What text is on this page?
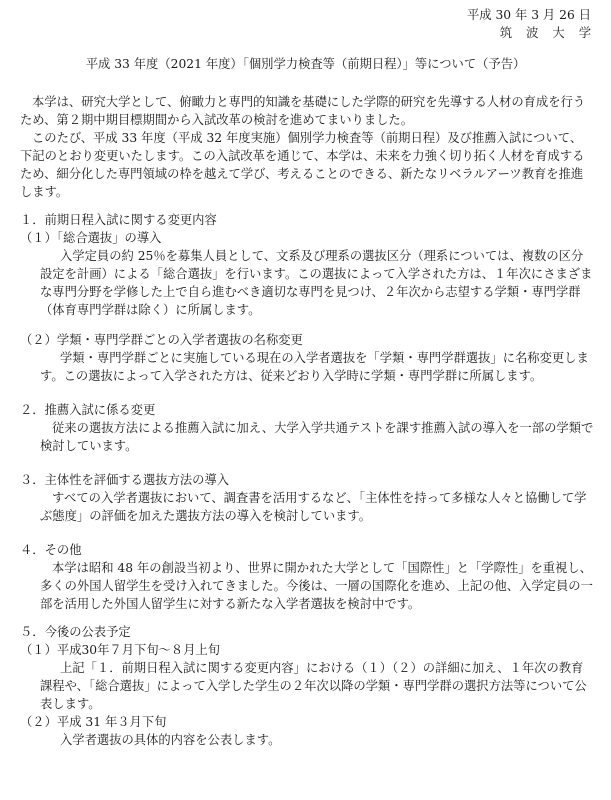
平成 30 年 3 月 26 日
筑波大学
平成 33 年度（2021 年度）「個別学力検査等（前期日程）」等について（予告）

本学は、研究大学として、俯瞰力と専門的知識を基礎にした学際的研究を先導する人材の育成を行うため、第２期中期目標期間から入試改革の検討を進めてまいりました。

このたび、平成 33 年度（平成 32 年度実施）個別学力検査等（前期日程）及び推薦入試について、下記のとおり変更いたします。この入試改革を通じて、本学は、未来を力強く切り拓く人材を育成するため、細分化した専門領域の枠を越えて学び、考えることのできる、新たなリベラルアーツ教育を推進します。

１．前期日程入試に関する変更内容
（１）「総合選抜」の導入

入学定員の約 25％を募集人員として、文系及び理系の選抜区分（理系については、複数の区分設定を計画）による「総合選抜」を行います。この選抜によって入学された方は、１年次にさまざまな専門分野を学修した上で自ら進むべき適切な専門を見つけ、２年次から志望する学類・専門学群（体育専門学群は除く）に所属します。

（２）学類・専門学群ごとの入学者選抜の名称変更

学類・専門学群ごとに実施している現在の入学者選抜を「学類・専門学群選抜」に名称変更します。この選抜によって入学された方は、従来どおり入学時に学類・専門学群に所属します。

２．推薦入試に係る変更

従来の選抜方法による推薦入試に加え、大学入学共通テストを課す推薦入試の導入を一部の学類で検討しています。

３．主体性を評価する選抜方法の導入

すべての入学者選抜において、調査書を活用するなど、「主体性を持って多様な人々と協働して学ぶ態度」の評価を加えた選抜方法の導入を検討しています。

４．その他

本学は昭和 48 年の創設当初より、世界に開かれた大学として「国際性」と「学際性」を重視し、多くの外国人留学生を受け入れてきました。今後は、一層の国際化を進め、上記の他、入学定員の一部を活用した外国人留学生に対する新たな入学者選抜を検討中です。

５．今後の公表予定
（１）平成30年７月下旬～８月上旬

上記「１．前期日程入試に関する変更内容」における（１）（２）の詳細に加え、１年次の教育課程や、「総合選抜」によって入学した学生の２年次以降の学類・専門学群の選択方法等について公表します。

（２）平成 31 年３月下旬

入学者選抜の具体的内容を公表します。
